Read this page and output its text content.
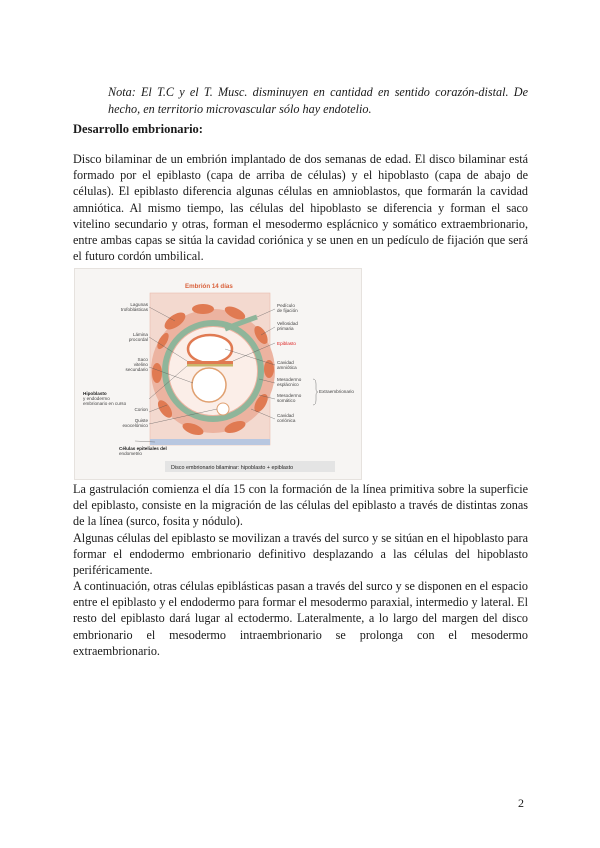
Nota: El T.C y el T. Musc. disminuyen en cantidad en sentido corazón-distal. De hecho, en territorio microvascular sólo hay endotelio.

Desarrollo embrionario:

Disco bilaminar de un embrión implantado de dos semanas de edad. El disco bilaminar está formado por el epiblasto (capa de arriba de células) y el hipoblasto (capa de abajo de células). El epiblasto diferencia algunas células en amnioblastos, que formarán la cavidad amniótica. Al mismo tiempo, las células del hipoblasto se diferencia y forman el saco vitelino secundario y otras, forman el mesodermo esplácnico y somático extraembrionario, entre ambas capas se sitúa la cavidad coriónica y se unen en un pedículo de fijación que será el futuro cordón umbilical.

Embrión 14 días
Lagunas
trofoblásticas
Lámina
procordal
Saco
vitelino
secundario
Hipoblasto
y endodermo
embrionario en curso
Corion
Quiste
exocelómico
Células epiteliales del
endometrio
Pedículo
de fijación
Vellosidad
primaria
Epiblasto
Cavidad
amniótica
Mesodermo
esplácnico
Extraembrionario
Mesodermo
somático
Cavidad
coriónica
Disco embrionario bilaminar: hipoblasto + epiblasto

La gastrulación comienza el día 15 con la formación de la línea primitiva sobre la superficie del epiblasto, consiste en la migración de las células del epiblasto a través de distintas zonas de la línea (surco, fosita y nódulo).

Algunas células del epiblasto se movilizan a través del surco y se sitúan en el hipoblasto para formar el endodermo embrionario definitivo desplazando a las células del hipoblasto periféricamente.

A continuación, otras células epiblásticas pasan a través del surco y se disponen en el espacio entre el epiblasto y el endodermo para formar el mesodermo paraxial, intermedio y lateral. El resto del epiblasto dará lugar al ectodermo. Lateralmente, a lo largo del margen del disco embrionario el mesodermo intraembrionario se prolonga con el mesodermo extraembrionario.

2
